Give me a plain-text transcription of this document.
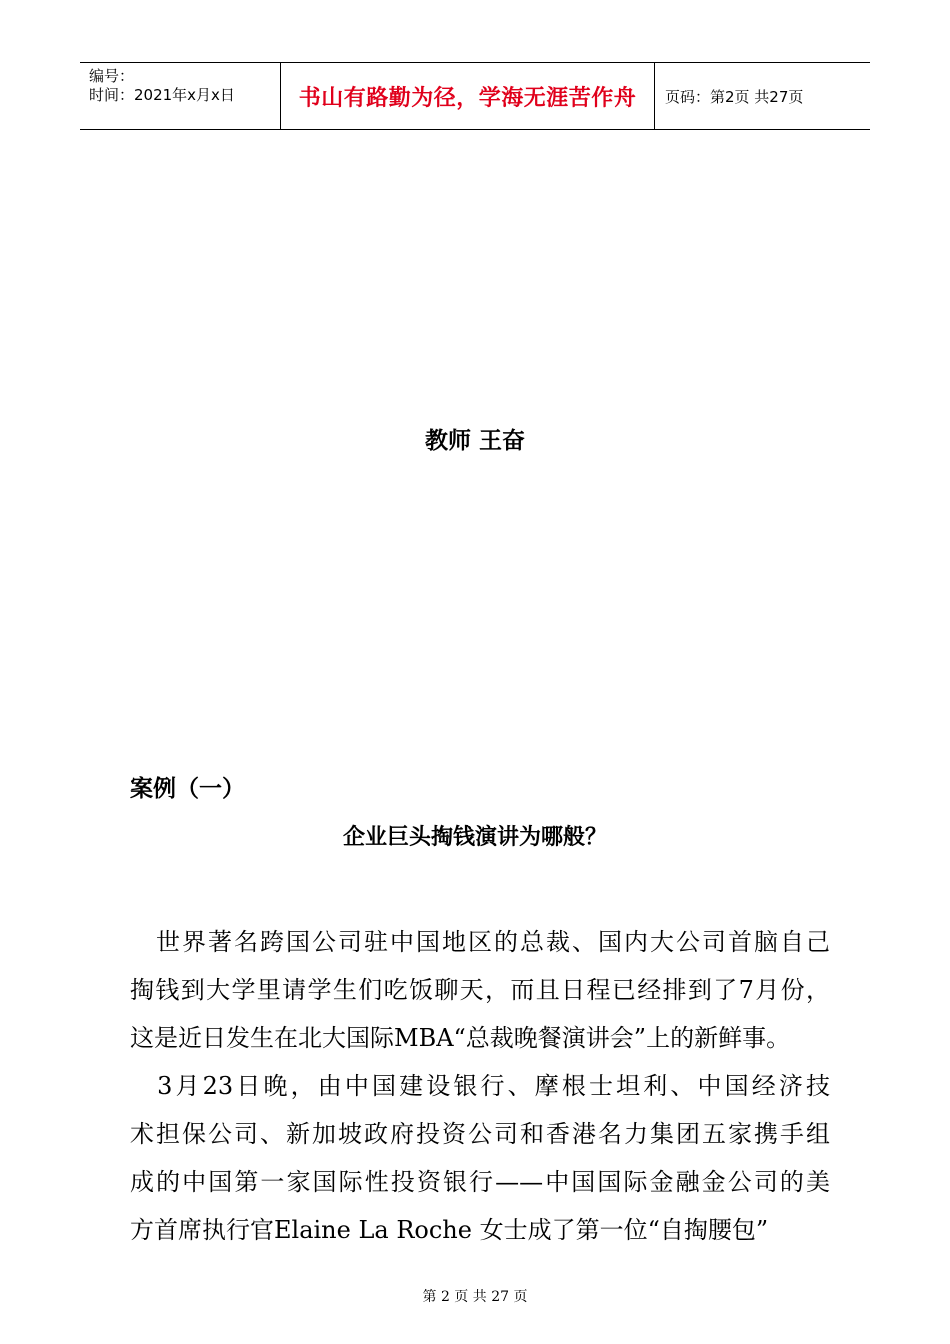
编号：
时间：2021年x月x日	书山有路勤为径，学海无涯苦作舟 页码：第2页 共27页
教师 王奋
案例（一）
企业巨头掏钱演讲为哪般？
　世界著名跨国公司驻中国地区的总裁、国内大公司首脑自己
掏钱到大学里请学生们吃饭聊天，而且日程已经排到了7月份，
这是近日发生在北大国际MBA“总裁晚餐演讲会”上的新鲜事。
　3月23日晚，由中国建设银行、摩根士坦利、中国经济技
术担保公司、新加坡政府投资公司和香港名力集团五家携手组
成的中国第一家国际性投资银行——中国国际金融金公司的美
方首席执行官Elaine La Roche 女士成了第一位“自掏腰包”
第 2 页 共 27 页
